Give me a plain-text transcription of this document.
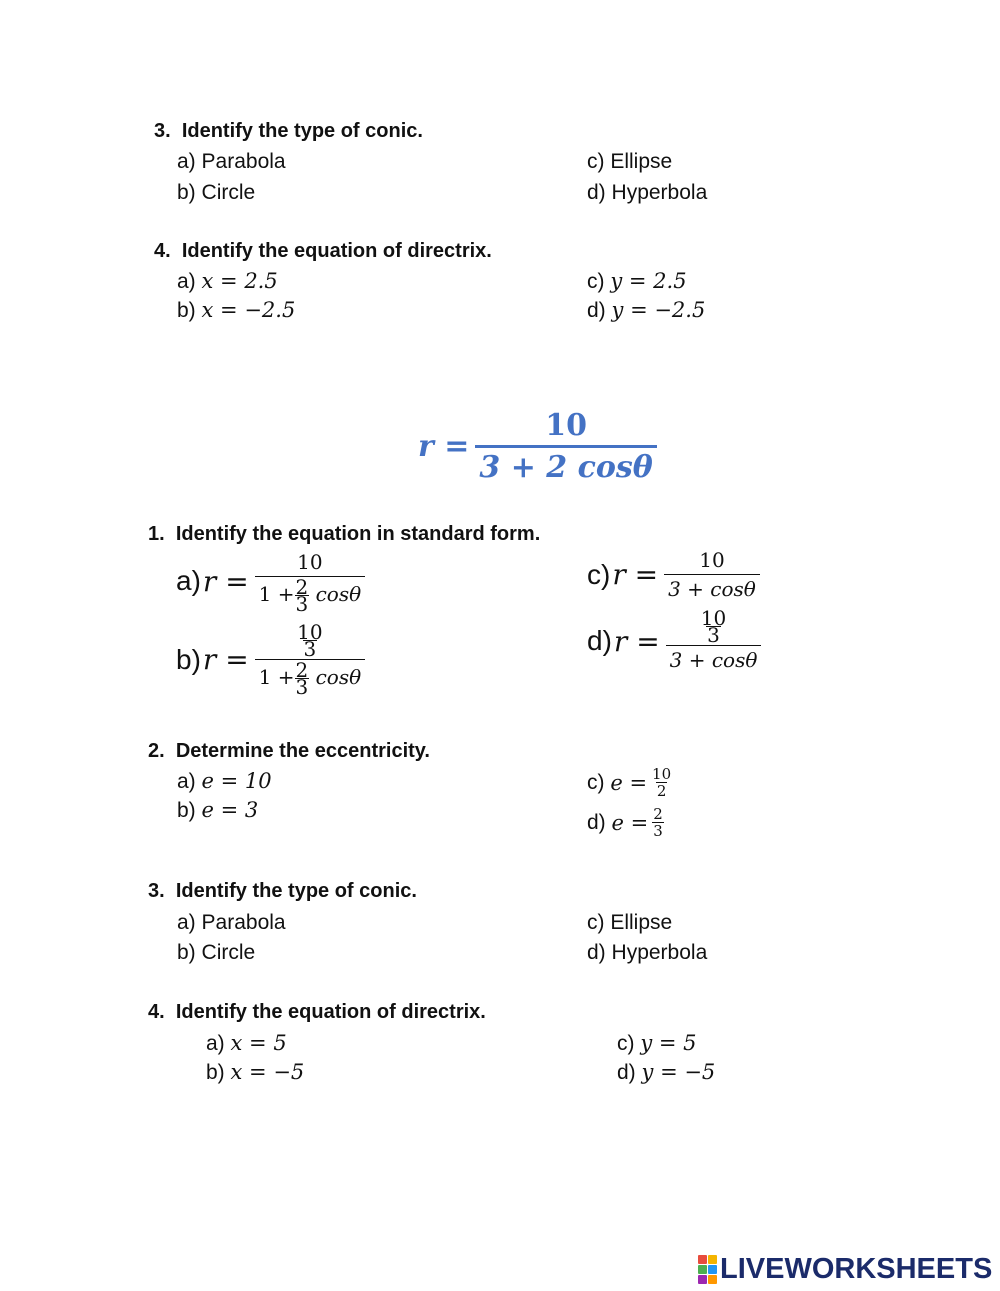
3. Identify the type of conic.
a) Parabola
b) Circle
c) Ellipse
d) Hyperbola
4. Identify the equation of directrix.
a) x = 2.5
b) x = −2.5
c) y = 2.5
d) y = −2.5
$r = \frac{10}{3 + 2 \cos\theta}$
1. Identify the equation in standard form.
a) $r = \frac{10}{1 + \frac{2}{3} \cos\theta}$
b) $r = \frac{\frac{10}{3}}{1 + \frac{2}{3} \cos\theta}$
c) $r = \frac{10}{3 + \cos\theta}$
d) $r = \frac{\frac{10}{3}}{3 + \cos\theta}$
2. Determine the eccentricity.
a) e = 10
b) e = 3
c)
$e = \frac{10}{2}$
d)
$e = \frac{2}{3}$
3. Identify the type of conic.
a) Parabola
b) Circle
c) Ellipse
d) Hyperbola
4. Identify the equation of directrix.
a) x = 5
b) x = −5
c) y = 5
d) y = −5
LIVEWORKSHEETS
